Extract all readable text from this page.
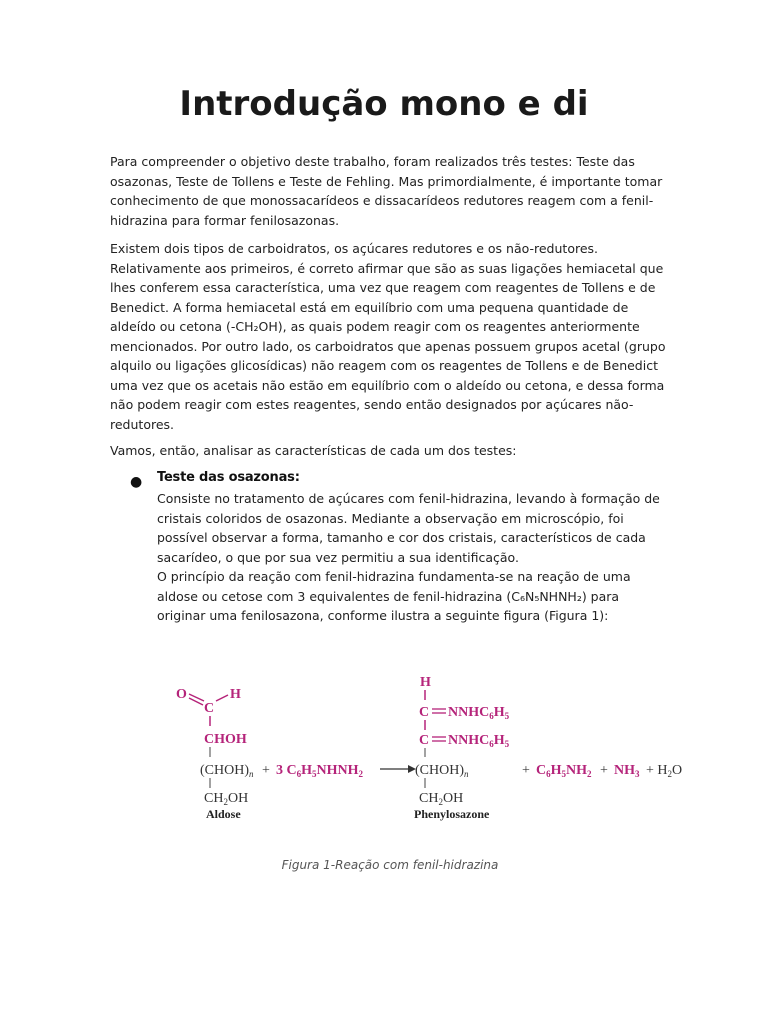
Introdução mono e di

Para compreender o objetivo deste trabalho, foram realizados três testes: Teste das osazonas, Teste de Tollens e Teste de Fehling. Mas primordialmente, é importante tomar conhecimento de que monossacarídeos e dissacarídeos redutores reagem com a fenil-hidrazina para formar fenilosazonas.

Existem dois tipos de carboidratos, os açúcares redutores e os não-redutores. Relativamente aos primeiros, é correto afirmar que são as suas ligações hemiacetal que lhes conferem essa característica, uma vez que reagem com reagentes de Tollens e de Benedict. A forma hemiacetal está em equilíbrio com uma pequena quantidade de aldeído ou cetona (-CH₂OH), as quais podem reagir com os reagentes anteriormente mencionados. Por outro lado, os carboidratos que apenas possuem grupos acetal (grupo alquilo ou ligações glicosídicas) não reagem com os reagentes de Tollens e de Benedict uma vez que os acetais não estão em equilíbrio com o aldeído ou cetona, e dessa forma não podem reagir com estes reagentes, sendo então designados por açúcares não-redutores.

Vamos, então, analisar as características de cada um dos testes:

● Teste das osazonas:

Consiste no tratamento de açúcares com fenil-hidrazina, levando à formação de cristais coloridos de osazonas. Mediante a observação em microscópio, foi possível observar a forma, tamanho e cor dos cristais, característicos de cada sacarídeo, o que por sua vez permitiu a sua identificação.
O princípio da reação com fenil-hidrazina fundamenta-se na reação de uma aldose ou cetose com 3 equivalentes de fenil-hidrazina (C₆N₅NHNH₂) para originar uma fenilosazona, conforme ilustra a seguinte figura (Figura 1):
O
C
H
CHOH
$(CHOH)_n$
$CH_2OH$
Aldose
+ 3 $C_6H_5NHNH_2$
H
C $NNHC_6H_5$
C $NNHC_6H_5$
$(CHOH)_n$
$CH_2OH$
Phenylosazone
+ $C_6H_5NH_2 + NH_3 + H_2O$

Figura 1-Reação com fenil-hidrazina
